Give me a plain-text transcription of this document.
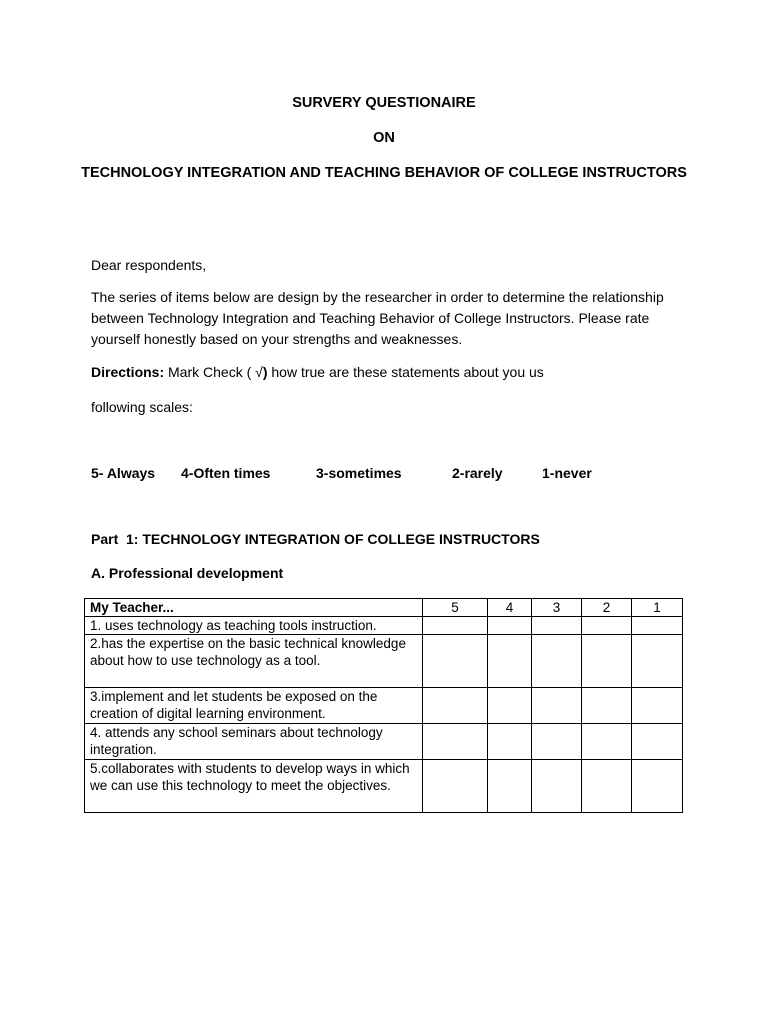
SURVERY QUESTIONAIRE
ON
TECHNOLOGY INTEGRATION AND TEACHING BEHAVIOR OF COLLEGE INSTRUCTORS
Dear respondents,
The series of items below are design by the researcher in order to determine the relationship between Technology Integration and Teaching Behavior of College Instructors. Please rate yourself honestly based on your strengths and weaknesses.
Directions: Mark Check ( √) how true are these statements about you us
following scales:
5- Always 4-Often times	3-sometimes	2-rarely	1-never
Part  1: TECHNOLOGY INTEGRATION OF COLLEGE INSTRUCTORS
A. Professional development
My Teacher...	5	4	3	2	1
1. uses technology as teaching tools instruction.					
2.has the expertise on the basic technical knowledge about how to use technology as a tool.					
3.implement and let students be exposed on the creation of digital learning environment.					
4. attends any school seminars about technology integration.					
5.collaborates with students to develop ways in which we can use this technology to meet the objectives.					
